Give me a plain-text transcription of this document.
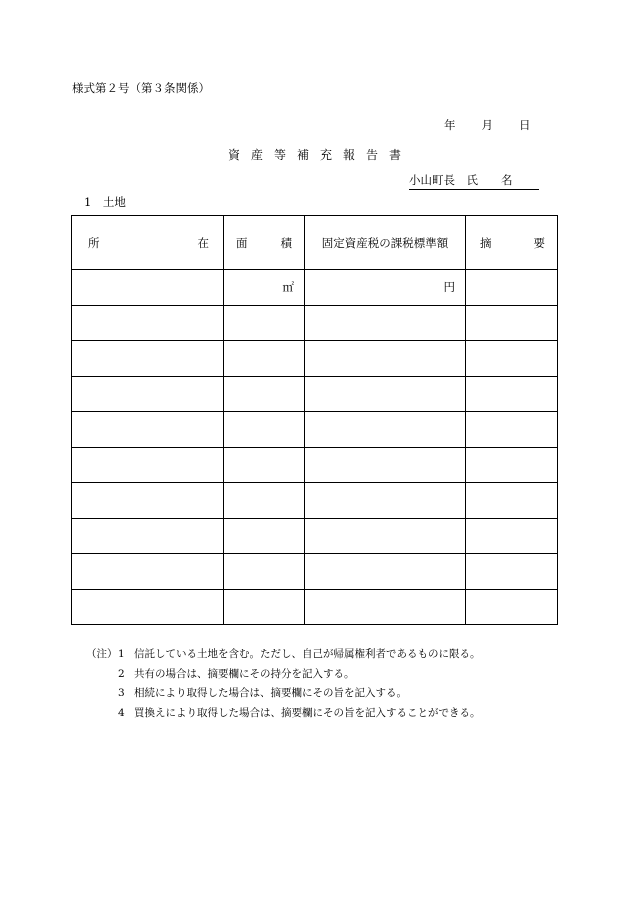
様式第２号（第３条関係）
年 月 日
資産等補充報告書
小山町長　氏　　名
1　 土地
所 在	面 積	固定資産税の課税標準額	摘 要

	㎡	円	

（注） 1 信託している土地を含む。ただし、自己が帰属権利者であるものに限る。
2 共有の場合は、摘要欄にその持分を記入する。
3 相続により取得した場合は、摘要欄にその旨を記入する。
4 買換えにより取得した場合は、摘要欄にその旨を記入することができる。
